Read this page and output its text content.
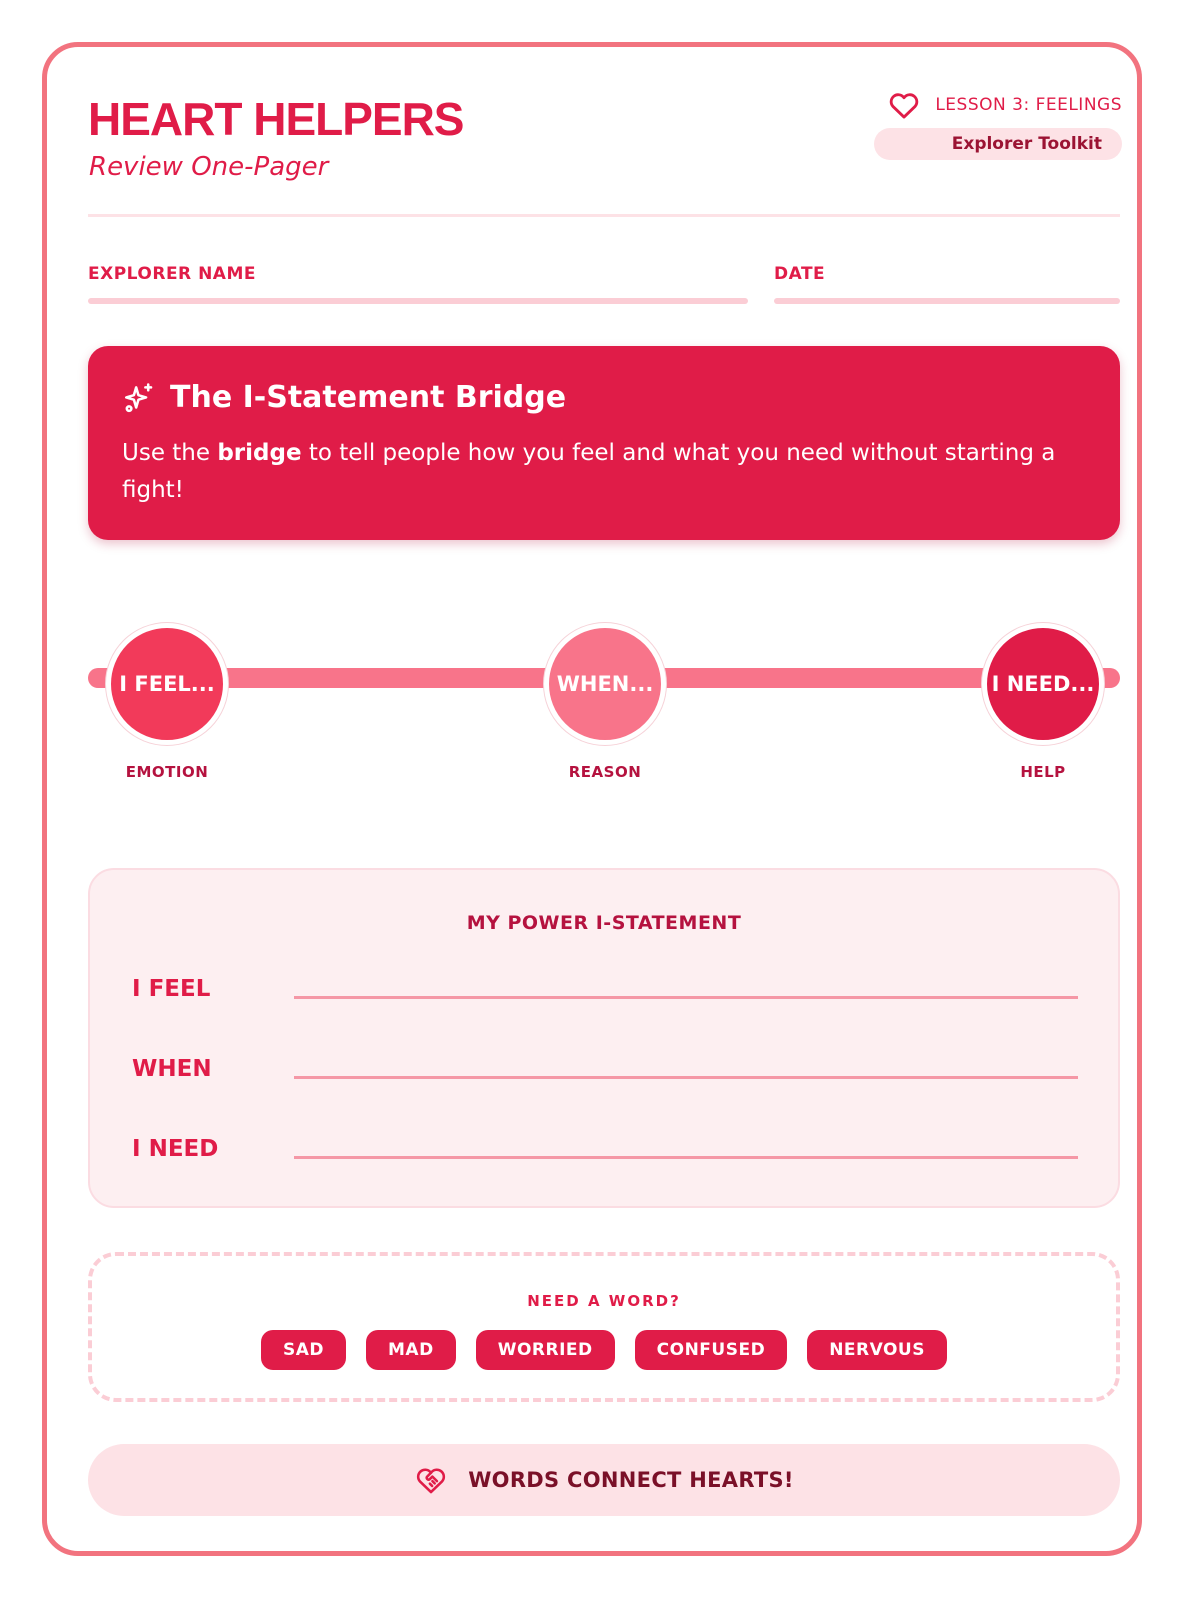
HEART HELPERS
Review One-Pager
LESSON 3: FEELINGS
Explorer Toolkit
EXPLORER NAME	DATE
The I-Statement Bridge
Use the bridge to tell people how you feel and what you need without starting a fight!
I FEEL...	WHEN...	I NEED...
EMOTION	REASON	HELP
MY POWER I-STATEMENT
I FEEL
WHEN
I NEED
NEED A WORD?
SAD	MAD	WORRIED	CONFUSED	NERVOUS
WORDS CONNECT HEARTS!
